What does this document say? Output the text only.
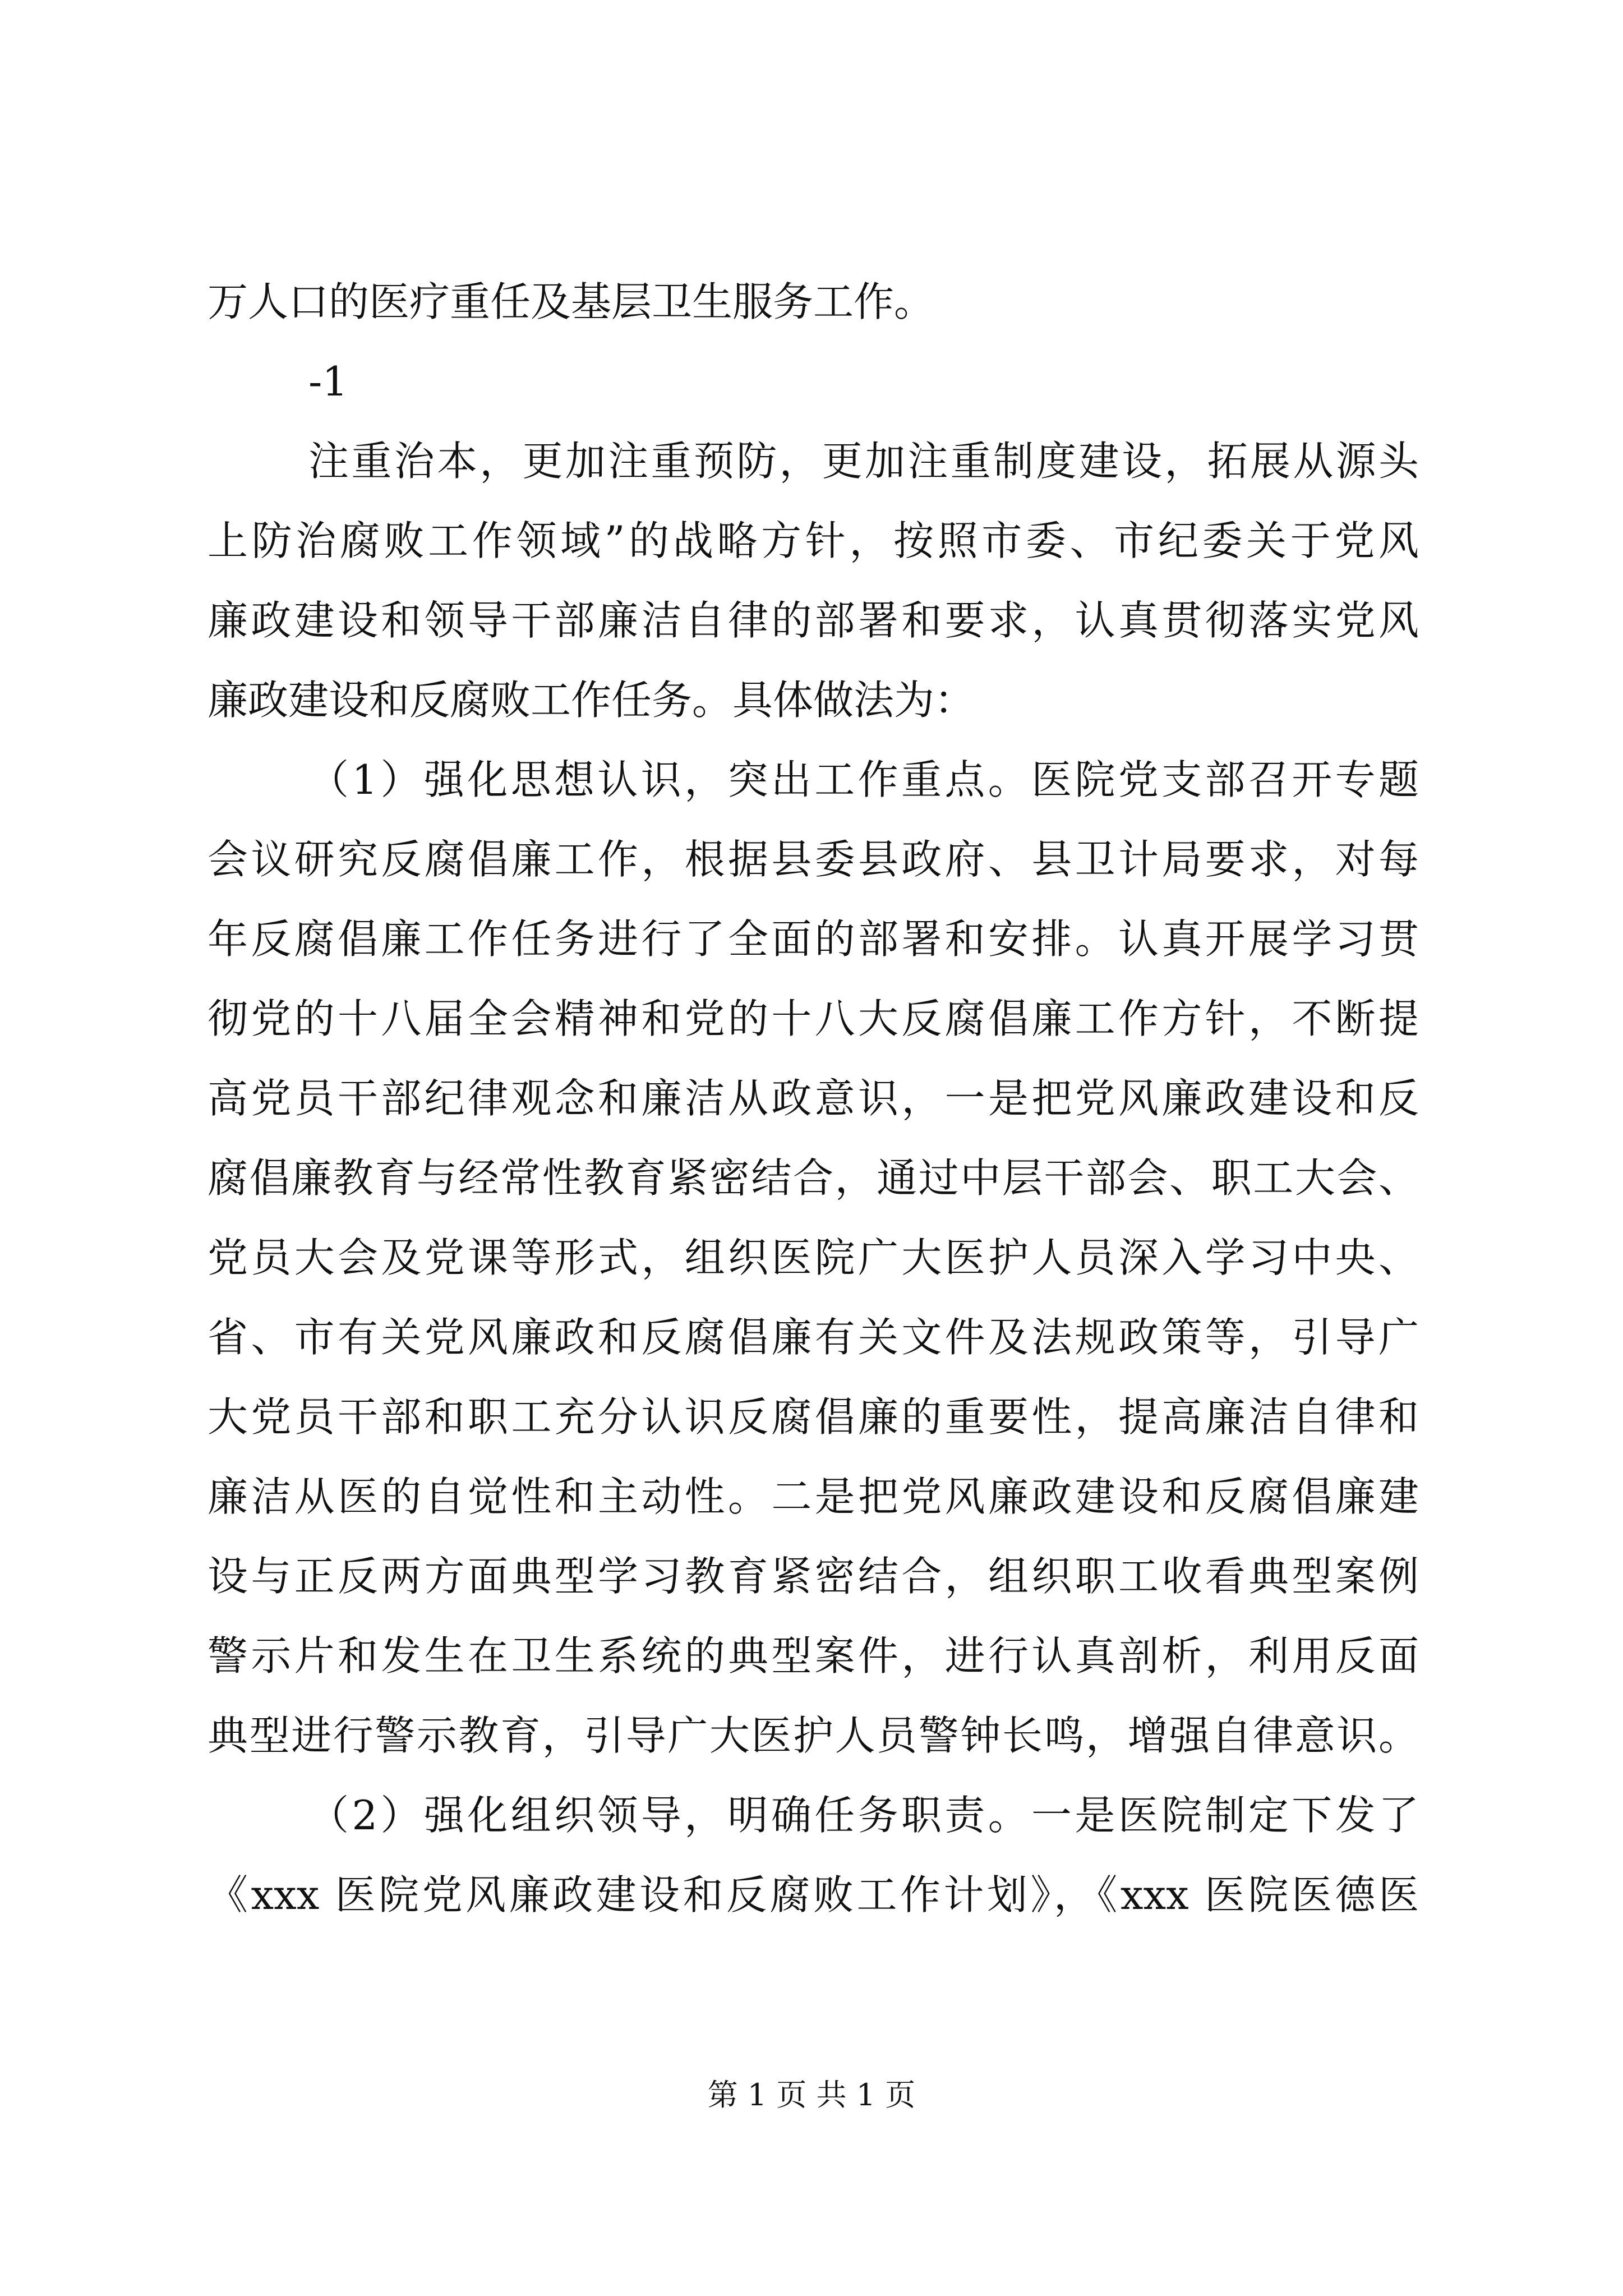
万人口的医疗重任及基层卫生服务工作。
-1
注重治本，更加注重预防，更加注重制度建设，拓展从源头
上防治腐败工作领域”的战略方针，按照市委、市纪委关于党风
廉政建设和领导干部廉洁自律的部署和要求，认真贯彻落实党风
廉政建设和反腐败工作任务。具体做法为：
（1）强化思想认识，突出工作重点。医院党支部召开专题
会议研究反腐倡廉工作，根据县委县政府、县卫计局要求，对每
年反腐倡廉工作任务进行了全面的部署和安排。认真开展学习贯
彻党的十八届全会精神和党的十八大反腐倡廉工作方针，不断提
高党员干部纪律观念和廉洁从政意识，一是把党风廉政建设和反
腐倡廉教育与经常性教育紧密结合，通过中层干部会、职工大会、
党员大会及党课等形式，组织医院广大医护人员深入学习中央、
省、市有关党风廉政和反腐倡廉有关文件及法规政策等，引导广
大党员干部和职工充分认识反腐倡廉的重要性，提高廉洁自律和
廉洁从医的自觉性和主动性。二是把党风廉政建设和反腐倡廉建
设与正反两方面典型学习教育紧密结合，组织职工收看典型案例
警示片和发生在卫生系统的典型案件，进行认真剖析，利用反面
典型进行警示教育，引导广大医护人员警钟长鸣，增强自律意识。
（2）强化组织领导，明确任务职责。一是医院制定下发了
《xxx 医院党风廉政建设和反腐败工作计划》，《xxx 医院医德医
第 1 页 共 1 页
